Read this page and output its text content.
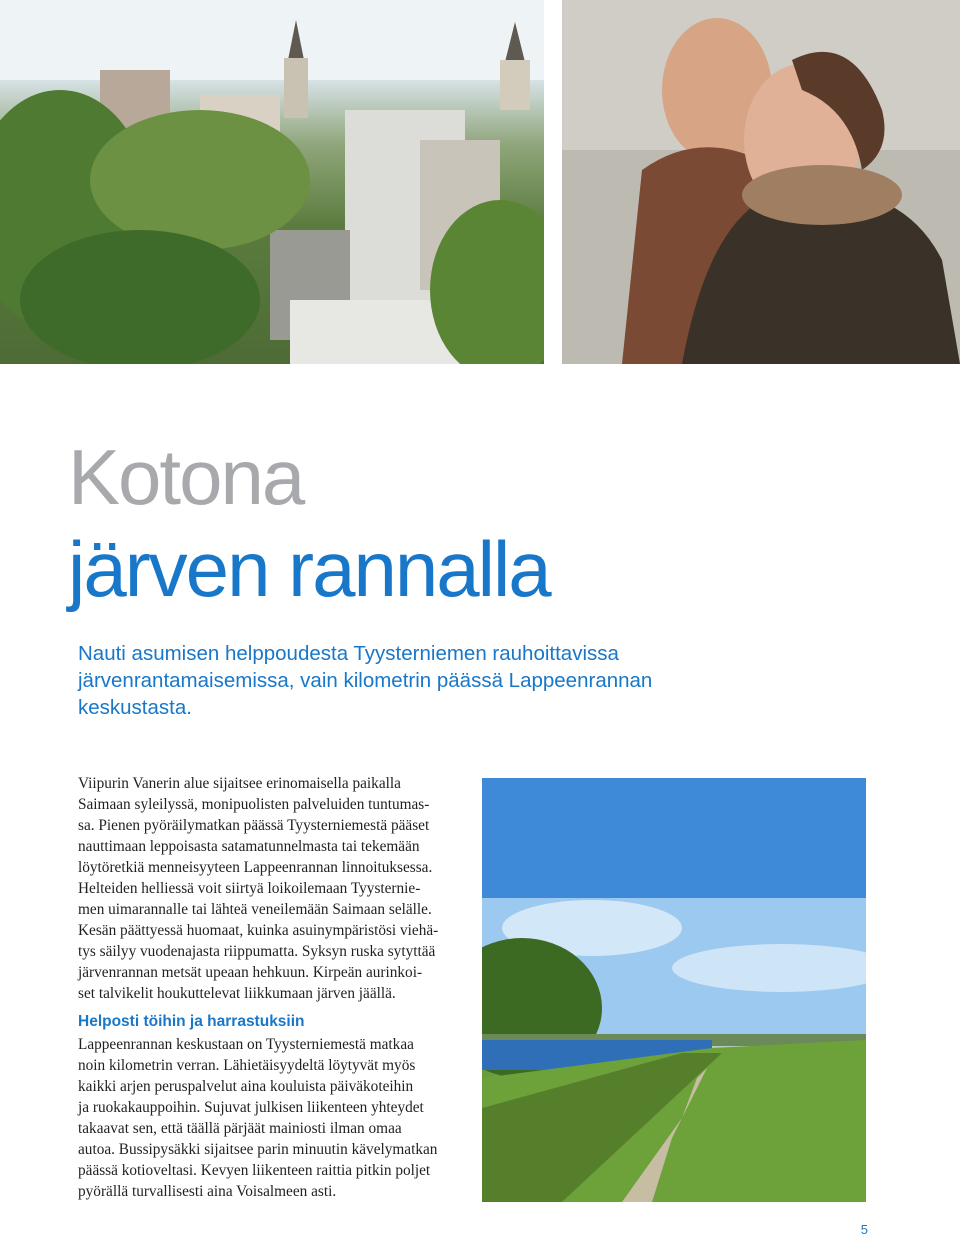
Kotona
järven rannalla

Nauti asumisen helppoudesta Tyysterniemen rauhoittavissa järvenrantamaisemissa, vain kilometrin päässä Lappeenrannan keskustasta.

Viipurin Vanerin alue sijaitsee erinomaisella paikalla
Saimaan syleilyssä, monipuolisten palveluiden tuntumas-
sa. Pienen pyöräilymatkan päässä Tyysterniemestä pääset
nauttimaan leppoisasta satamatunnelmasta tai tekemään
löytöretkiä menneisyyteen Lappeenrannan linnoituksessa.
Helteiden helliessä voit siirtyä loikoilemaan Tyysternie-
men uimarannalle tai lähteä veneilemään Saimaan selälle.
Kesän päättyessä huomaat, kuinka asuinympäristösi viehä-
tys säilyy vuodenajasta riippumatta. Syksyn ruska sytyttää
järvenrannan metsät upeaan hehkuun. Kirpeän aurinkoi-
set talvikelit houkuttelevat liikkumaan järven jäällä.

Helposti töihin ja harrastuksiin

Lappeenrannan keskustaan on Tyysterniemestä matkaa
noin kilometrin verran. Lähietäisyydeltä löytyvät myös
kaikki arjen peruspalvelut aina kouluista päiväkoteihin
ja ruokakauppoihin. Sujuvat julkisen liikenteen yhteydet
takaavat sen, että täällä pärjäät mainiosti ilman omaa
autoa. Bussipysäkki sijaitsee parin minuutin kävelymatkan
päässä kotioveltasi. Kevyen liikenteen raittia pitkin poljet
pyörällä turvallisesti aina Voisalmeen asti.

5
